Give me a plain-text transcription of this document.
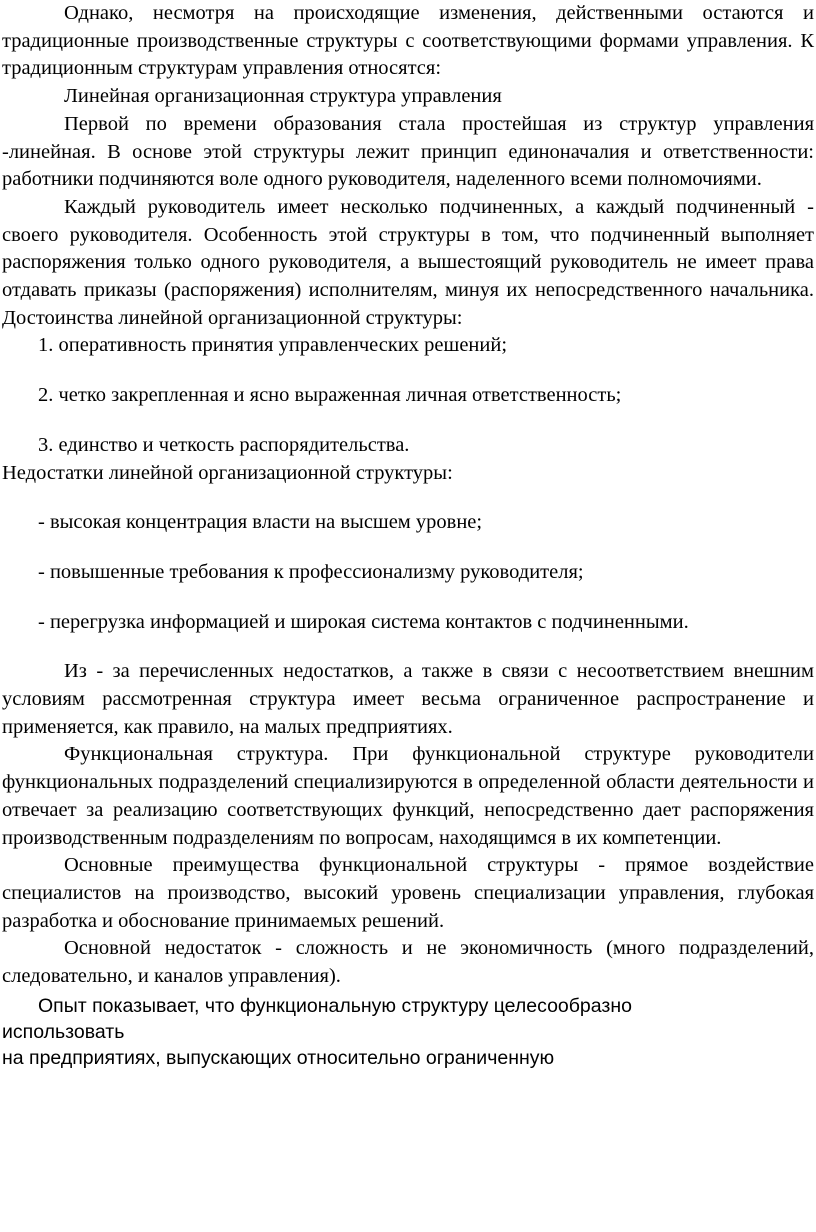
Однако, несмотря на происходящие изменения, действенными остаются и традиционные производственные структуры с соответствующими формами управления. К традиционным структурам управления относятся:

Линейная организационная структура управления

Первой по времени образования стала простейшая из структур управления -линейная. В основе этой структуры лежит принцип единоначалия и ответственности: работники подчиняются воле одного руководителя, наделенного всеми полномочиями.

Каждый руководитель имеет несколько подчиненных, а каждый подчиненный - своего руководителя. Особенность этой структуры в том, что подчиненный выполняет распоряжения только одного руководителя, а вышестоящий руководитель не имеет права отдавать приказы (распоряжения) исполнителям, минуя их непосредственного начальника. Достоинства линейной организационной структуры:

1. оперативность принятия управленческих решений;

2. четко закрепленная и ясно выраженная личная ответственность;

3. единство и четкость распорядительства.

Недостатки линейной организационной структуры:

- высокая концентрация власти на высшем уровне;

- повышенные требования к профессионализму руководителя;

- перегрузка информацией и широкая система контактов с подчиненными.

Из - за перечисленных недостатков, а также в связи с несоответствием внешним условиям рассмотренная структура имеет весьма ограниченное распространение и применяется, как правило, на малых предприятиях.

Функциональная структура. При функциональной структуре руководители функциональных подразделений специализируются в определенной области деятельности и отвечает за реализацию соответствующих функций, непосредственно дает распоряжения производственным подразделениям по вопросам, находящимся в их компетенции.

Основные преимущества функциональной структуры - прямое воздействие специалистов на производство, высокий уровень специализации управления, глубокая разработка и обоснование принимаемых решений.

Основной недостаток - сложность и не экономичность (много подразделений, следовательно, и каналов управления).

Опыт показывает, что функциональную структуру целесообразно

использовать

на предприятиях, выпускающих относительно ограниченную
